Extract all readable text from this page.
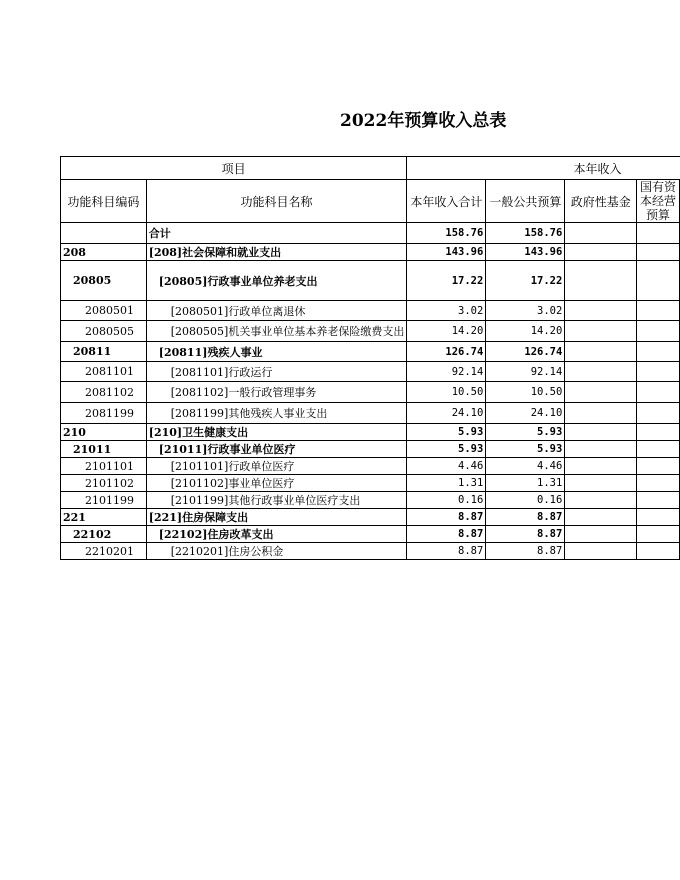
2022年预算收入总表
项目		本年收入			
功能科目编码	功能科目名称	本年收入合计	一般公共预算	政府性基金	国有资本经营预算
	合计	158.76	158.76		
208	[208]社会保障和就业支出	143.96	143.96		
20805	[20805]行政事业单位养老支出	17.22	17.22		
2080501	[2080501]行政单位离退休	3.02	3.02		
2080505	[2080505]机关事业单位基本养老保险缴费支出	14.20	14.20		
20811	[20811]残疾人事业	126.74	126.74		
2081101	[2081101]行政运行	92.14	92.14		
2081102	[2081102]一般行政管理事务	10.50	10.50		
2081199	[2081199]其他残疾人事业支出	24.10	24.10		
210	[210]卫生健康支出	5.93	5.93		
21011	[21011]行政事业单位医疗	5.93	5.93		
2101101	[2101101]行政单位医疗	4.46	4.46		
2101102	[2101102]事业单位医疗	1.31	1.31		
2101199	[2101199]其他行政事业单位医疗支出	0.16	0.16		
221	[221]住房保障支出	8.87	8.87		
22102	[22102]住房改革支出	8.87	8.87		
2210201	[2210201]住房公积金	8.87	8.87		
